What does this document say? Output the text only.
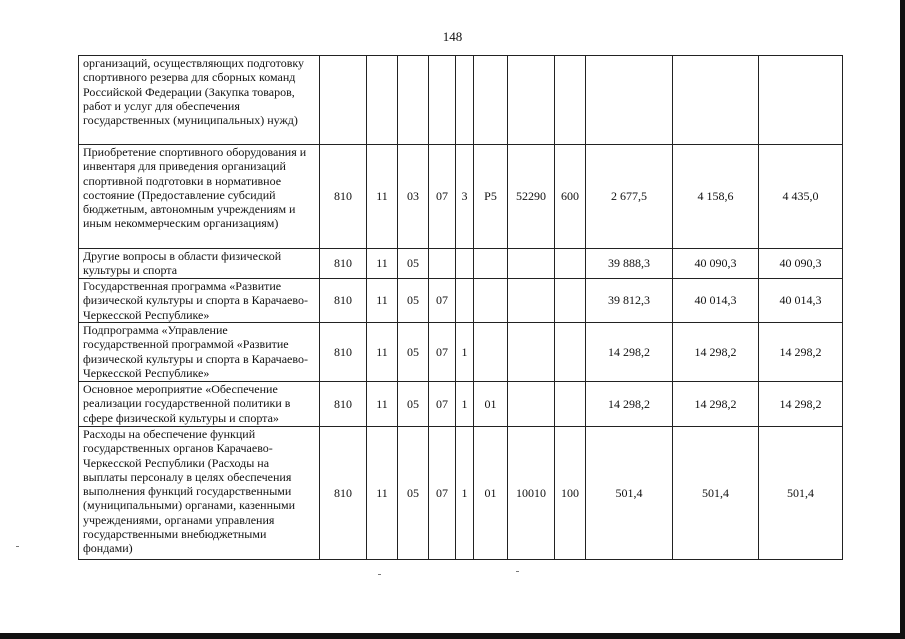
148
организаций, осуществляющих подготовку спортивного резерва для сборных команд Российской Федерации (Закупка товаров, работ и услуг для обеспечения государственных (муниципальных) нужд)											
Приобретение спортивного оборудования и инвентаря для приведения организаций спортивной подготовки в нормативное состояние (Предоставление субсидий бюджетным, автономным учреждениям и иным некоммерческим организациям)	810	11	03	07	3	P5	52290	600	2 677,5	4 158,6	4 435,0
Другие вопросы в области физической культуры и спорта	810	11	05						39 888,3	40 090,3	40 090,3
Государственная программа «Развитие физической культуры и спорта в Карачаево-Черкесской Республике»	810	11	05	07					39 812,3	40 014,3	40 014,3
Подпрограмма «Управление государственной программой «Развитие физической культуры и спорта в Карачаево-Черкесской Республике»	810	11	05	07	1				14 298,2	14 298,2	14 298,2
Основное мероприятие «Обеспечение реализации государственной политики в сфере физической культуры и спорта»	810	11	05	07	1	01			14 298,2	14 298,2	14 298,2
Расходы на обеспечение функций государственных органов Карачаево-Черкесской Республики (Расходы на выплаты персоналу в целях обеспечения выполнения функций государственными (муниципальными) органами, казенными учреждениями, органами управления государственными внебюджетными фондами)	810	11	05	07	1	01	10010	100	501,4	501,4	501,4
